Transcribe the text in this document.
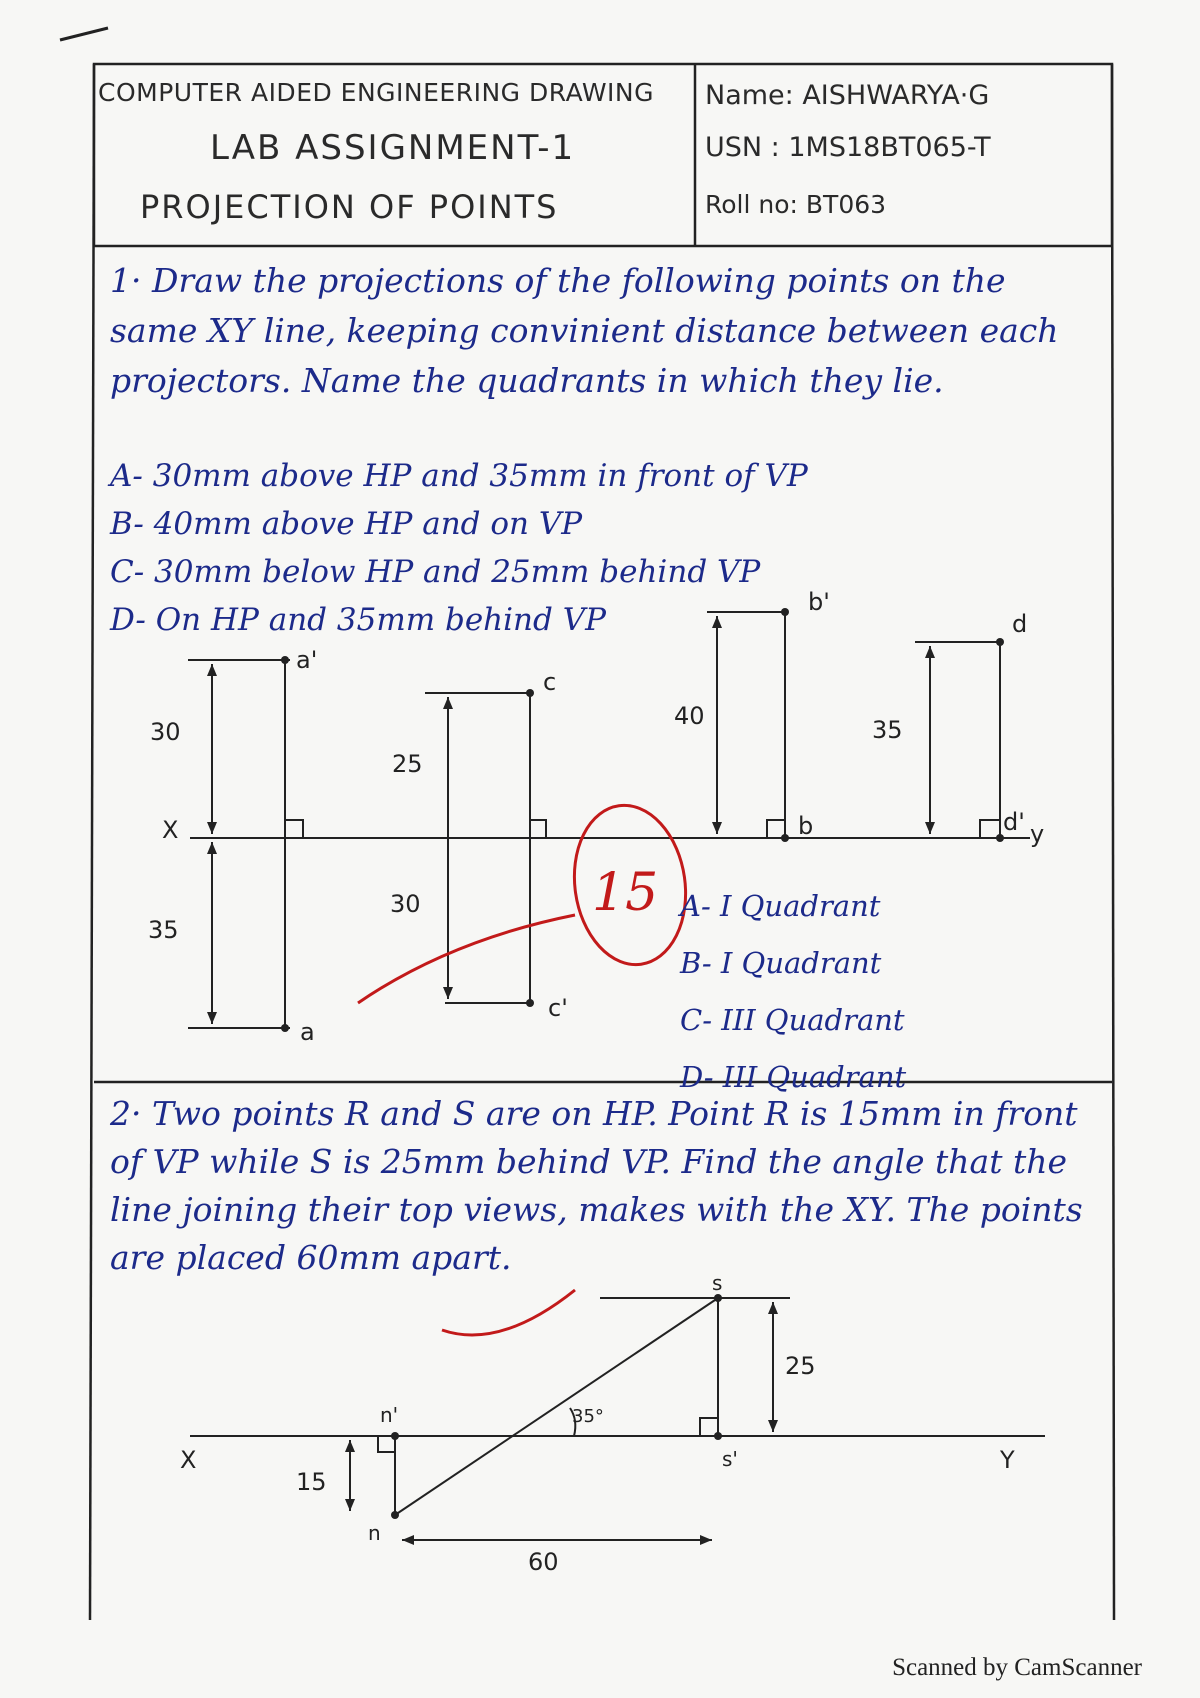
COMPUTER AIDED ENGINEERING DRAWING
LAB ASSIGNMENT-1
PROJECTION OF POINTS
Name: AISHWARYA·G
USN : 1MS18BT065-T
Roll no: BT063
1· Draw the projections of the following points on the same XY line, keeping convinient distance between each projectors. Name the quadrants in which they lie.
A- 30mm above HP and 35mm in front of VP
B- 40mm above HP and on VP
C- 30mm below HP and 25mm behind VP
D- On HP and 35mm behind VP
X	y
a'
a
c
c'
b'
b
d
d'
30
35
25
30
40	35
15 A- I Quadrant
B- I Quadrant
C- III Quadrant
D- III Quadrant
2· Two points R and S are on HP. Point R is 15mm in front of VP while S is 25mm behind VP. Find the angle that the line joining their top views, makes with the XY. The points are placed 60mm apart.
X	Y
s
s'
n'
n
15
25
60
35°
Scanned by CamScanner
